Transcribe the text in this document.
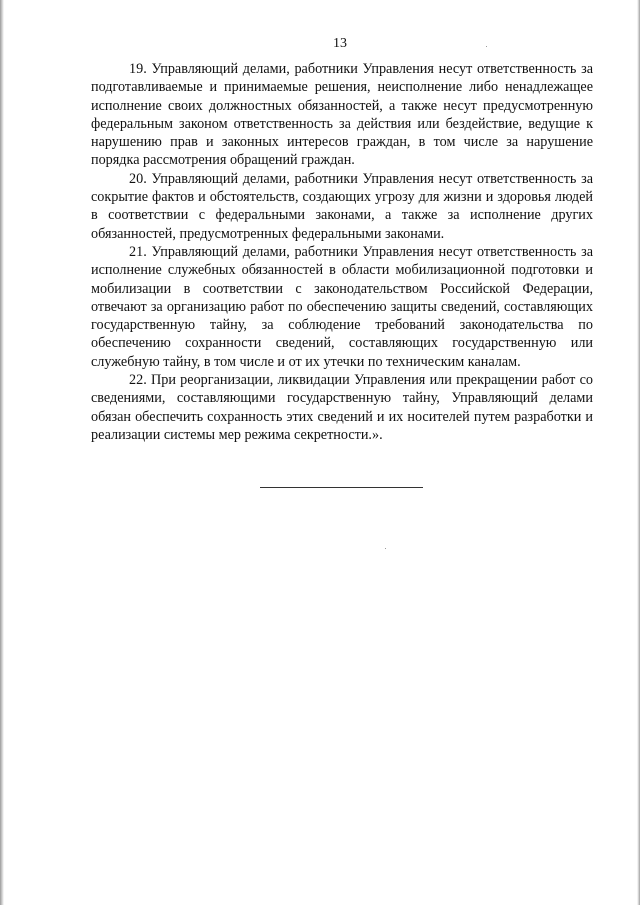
13

19. Управляющий делами, работники Управления несут ответственность за подготавливаемые и принимаемые решения, неисполнение либо ненадлежащее исполнение своих должностных обязанностей, а также несут предусмотренную федеральным законом ответственность за действия или бездействие, ведущие к нарушению прав и законных интересов граждан, в том числе за нарушение порядка рассмотрения обращений граждан.

20. Управляющий делами, работники Управления несут ответственность за сокрытие фактов и обстоятельств, создающих угрозу для жизни и здоровья людей в соответствии с федеральными законами, а также за исполнение других обязанностей, предусмотренных федеральными законами.

21. Управляющий делами, работники Управления несут ответственность за исполнение служебных обязанностей в области мобилизационной подготовки и мобилизации в соответствии с законодательством Российской Федерации, отвечают за организацию работ по обеспечению защиты сведений, составляющих государственную тайну, за соблюдение требований законодательства по обеспечению сохранности сведений, составляющих государственную или служебную тайну, в том числе и от их утечки по техническим каналам.

22. При реорганизации, ликвидации Управления или прекращении работ со сведениями, составляющими государственную тайну, Управляющий делами обязан обеспечить сохранность этих сведений и их носителей путем разработки и реализации системы мер режима секретности.».
